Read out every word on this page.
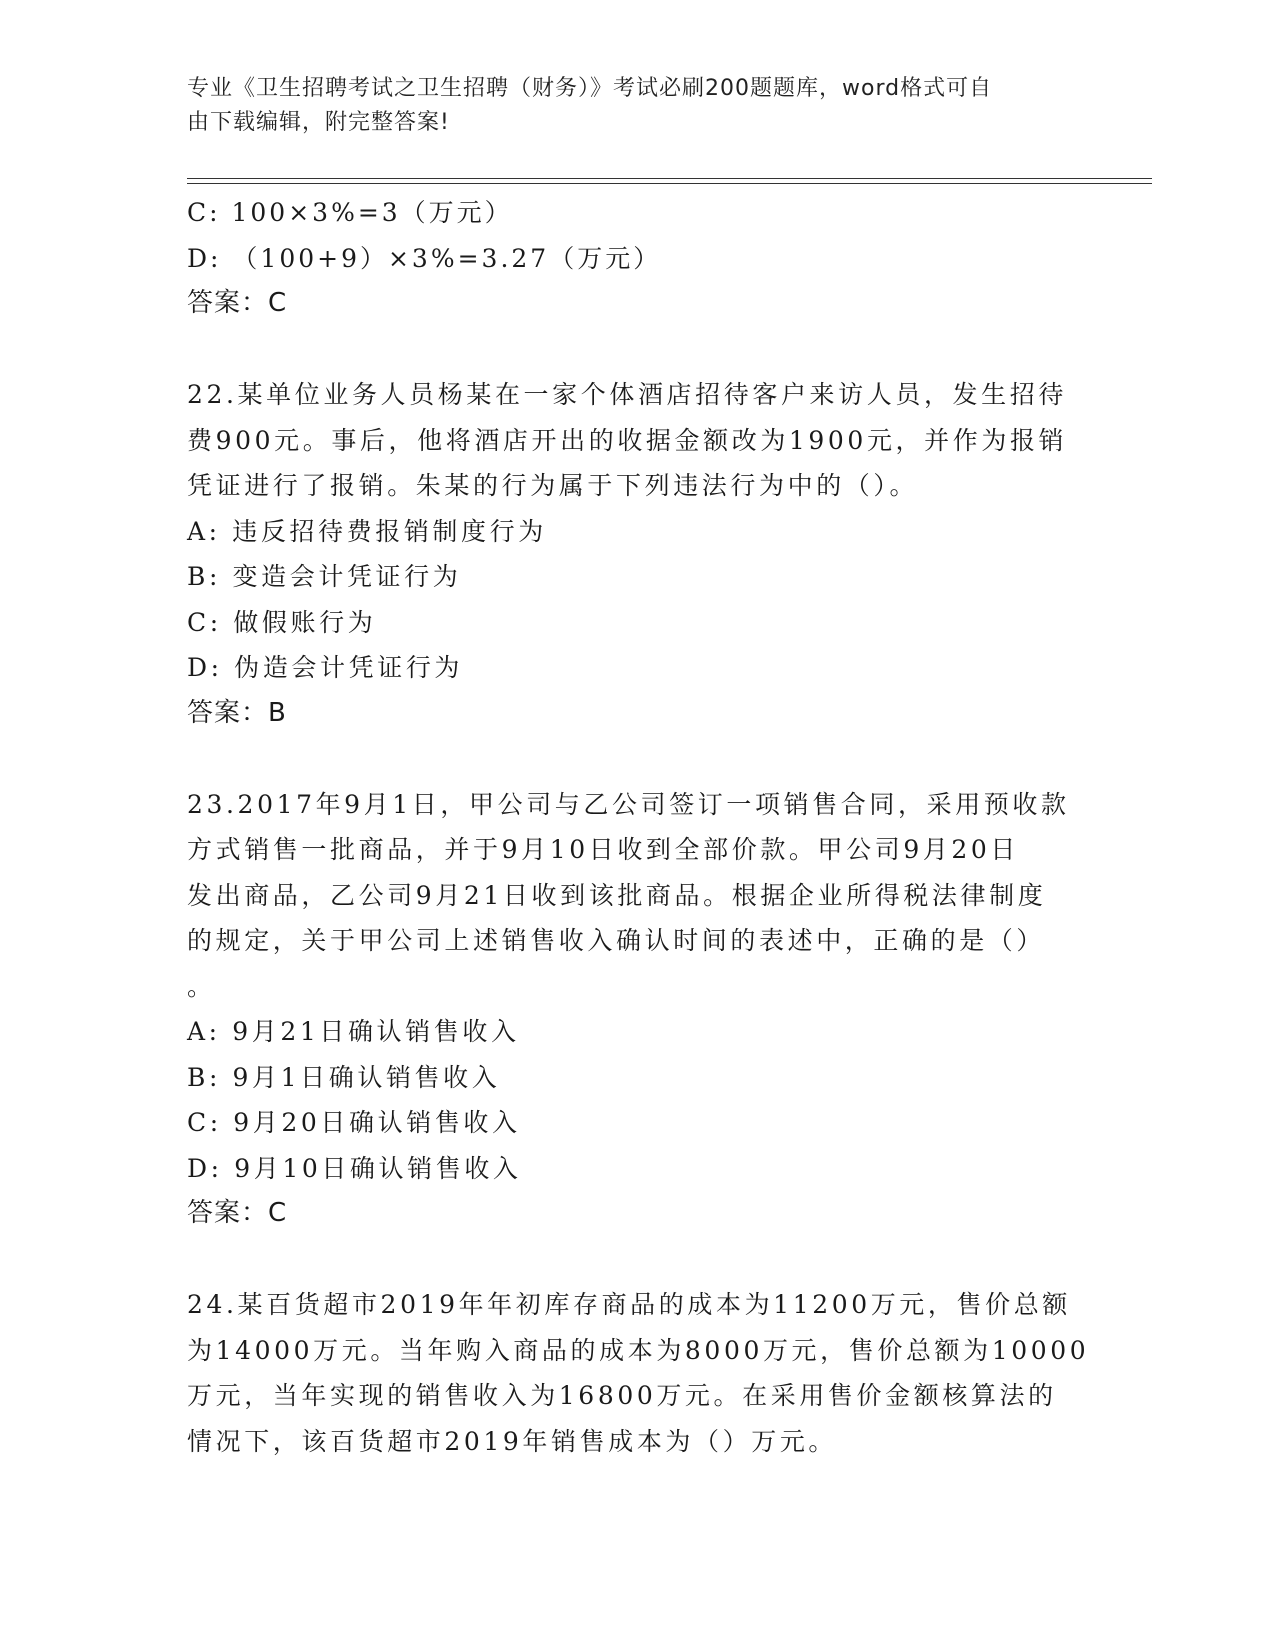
专业《卫生招聘考试之卫生招聘（财务）》考试必刷200题题库，word格式可自
由下载编辑，附完整答案!
C: 100×3%=3（万元）
D: （100+9）×3%=3.27（万元）
答案：C
22.某单位业务人员杨某在一家个体酒店招待客户来访人员，发生招待
费900元。事后，他将酒店开出的收据金额改为1900元，并作为报销
凭证进行了报销。朱某的行为属于下列违法行为中的（）。
A: 违反招待费报销制度行为
B: 变造会计凭证行为
C: 做假账行为
D: 伪造会计凭证行为
答案：B
23.2017年9月1日，甲公司与乙公司签订一项销售合同，采用预收款
方式销售一批商品，并于9月10日收到全部价款。甲公司9月20日
发出商品，乙公司9月21日收到该批商品。根据企业所得税法律制度
的规定，关于甲公司上述销售收入确认时间的表述中，正确的是（）
。
A: 9月21日确认销售收入
B: 9月1日确认销售收入
C: 9月20日确认销售收入
D: 9月10日确认销售收入
答案：C
24.某百货超市2019年年初库存商品的成本为11200万元，售价总额
为14000万元。当年购入商品的成本为8000万元，售价总额为10000
万元，当年实现的销售收入为16800万元。在采用售价金额核算法的
情况下，该百货超市2019年销售成本为（）万元。
